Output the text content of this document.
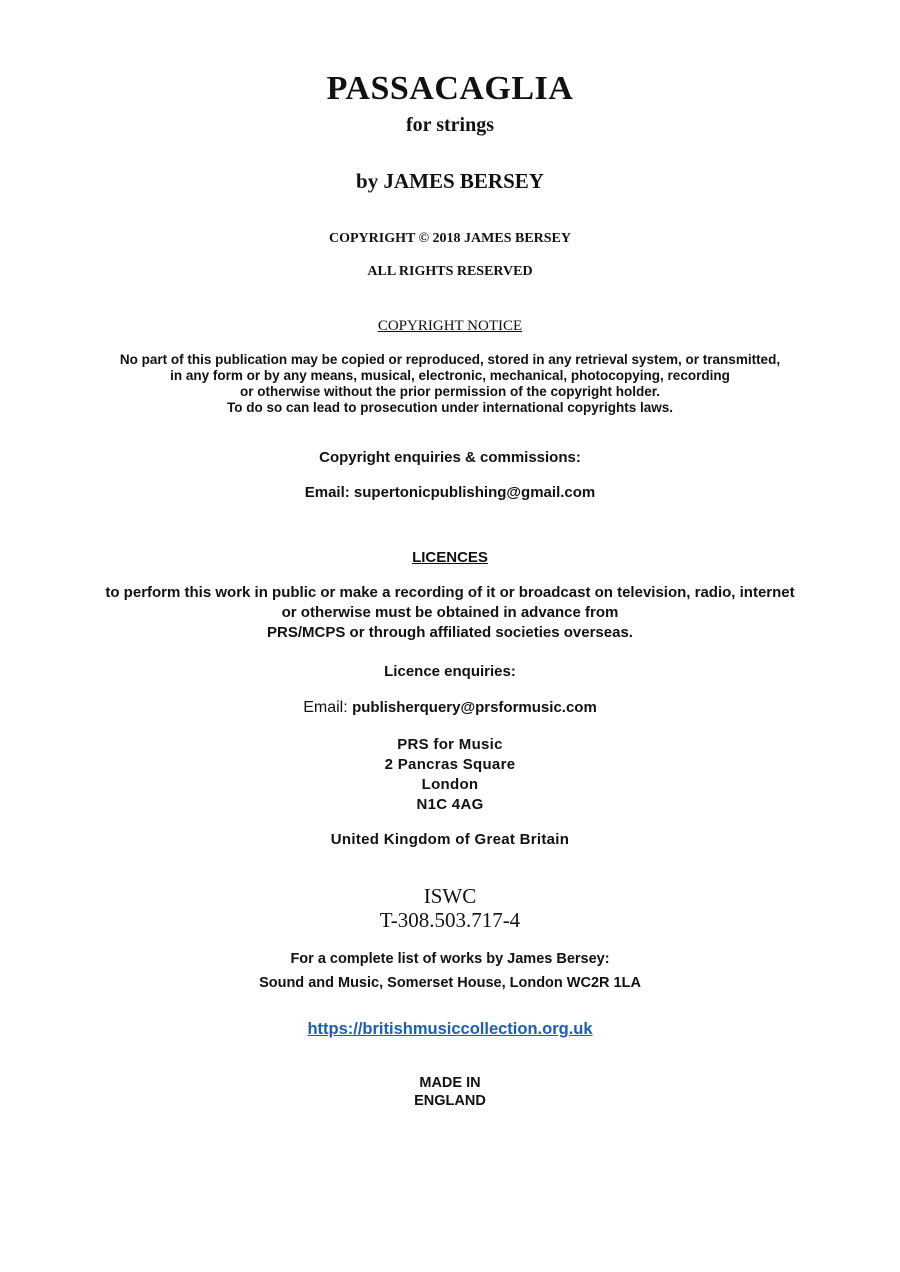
PASSACAGLIA
for strings
by JAMES BERSEY
COPYRIGHT © 2018 JAMES BERSEY
ALL RIGHTS RESERVED
COPYRIGHT NOTICE
No part of this publication may be copied or reproduced, stored in any retrieval system, or transmitted,
in any form or by any means, musical, electronic, mechanical, photocopying, recording
or otherwise without the prior permission of the copyright holder.
To do so can lead to prosecution under international copyrights laws.
Copyright enquiries & commissions:
Email: supertonicpublishing@gmail.com
LICENCES
to perform this work in public or make a recording of it or broadcast on television, radio, internet
or otherwise must be obtained in advance from
PRS/MCPS or through affiliated societies overseas.
Licence enquiries:
Email: publisherquery@prsformusic.com
PRS for Music
2 Pancras Square
London
N1C 4AG
United Kingdom of Great Britain
ISWC
T-308.503.717-4
For a complete list of works by James Bersey:
Sound and Music, Somerset House, London WC2R 1LA
https://britishmusiccollection.org.uk
MADE IN
ENGLAND
